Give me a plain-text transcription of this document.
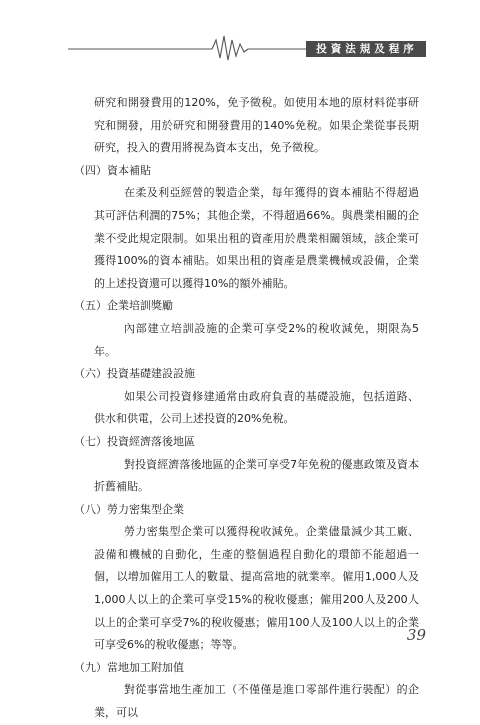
投資法規及程序

研究和開發費用的120%，免予徵稅。如使用本地的原材料從事研究和開發，用於研究和開發費用的140%免稅。如果企業從事長期研究，投入的費用將視為資本支出，免予徵稅。

（四）資本補貼

在柔及利亞經營的製造企業，每年獲得的資本補貼不得超過其可評估利潤的75%；其他企業，不得超過66%。與農業相關的企業不受此規定限制。如果出租的資產用於農業相關領域，該企業可獲得100%的資本補貼。如果出租的資產是農業機械或設備，企業的上述投資還可以獲得10%的額外補貼。

（五）企業培訓獎勵

內部建立培訓設施的企業可享受2%的稅收減免，期限為5年。

（六）投資基礎建設設施

如果公司投資修建通常由政府負責的基礎設施，包括道路、供水和供電，公司上述投資的20%免稅。

（七）投資經濟落後地區

對投資經濟落後地區的企業可享受7年免稅的優惠政策及資本折舊補貼。

（八）勞力密集型企業

勞力密集型企業可以獲得稅收減免。企業儘量減少其工廠、設備和機械的自動化，生產的整個過程自動化的環節不能超過一個，以增加僱用工人的數量、提高當地的就業率。僱用1,000人及1,000人以上的企業可享受15%的稅收優惠；僱用200人及200人以上的企業可享受7%的稅收優惠；僱用100人及100人以上的企業可享受6%的稅收優惠；等等。

（九）當地加工附加值

對從事當地生產加工（不僅僅是進口零部件進行裝配）的企業，可以

39
